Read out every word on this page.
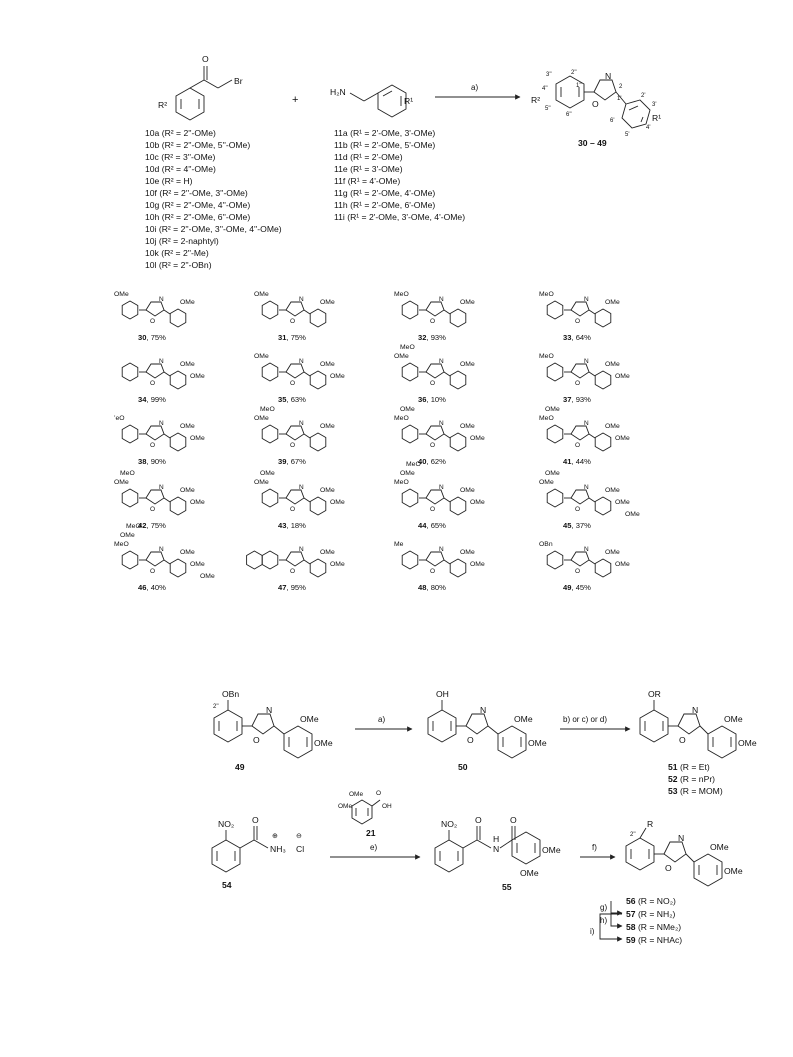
O
Br
R²
10a (R² = 2''-OMe)
10b (R² = 2''-OMe, 5''-OMe)
10c (R² = 3''-OMe)
10d (R² = 4''-OMe)
10e (R² = H)
10f (R² = 2''-OMe, 3''-OMe)
10g (R² = 2''-OMe, 4''-OMe)
10h (R² = 2''-OMe, 6''-OMe)
10i (R² = 2''-OMe, 3''-OMe, 4''-OMe)
10j (R² = 2-naphtyl)
10k (R² = 2''-Me)
10l (R² = 2''-OBn)
+
H₂N
R¹
11a (R¹ = 2'-OMe, 3'-OMe)
11b (R¹ = 2'-OMe, 5'-OMe)
11d (R¹ = 2'-OMe)
11e (R¹ = 3'-OMe)
11f (R¹ = 4'-OMe)
11g (R¹ = 2'-OMe, 4'-OMe)
11h (R¹ = 2'-OMe, 6'-OMe)
11i (R¹ = 2'-OMe, 3'-OMe, 4'-OMe)
a)
R²
N
O
R¹
2''
3''
4''
5''
6''
1''
1'	2'
3'
4'
5'
6'
2
30 – 49
N
O
OMe
OMe
30, 75%
N
O
OMe
OMe
31, 75%
N
O
MeO
OMe
32, 93%
N
O
MeO
OMe
33, 64%
N
O
OMe
OMe
34, 99%
N
O
OMe
OMe
OMe
35, 63%
N
O
OMe
MeO
OMe
36, 10%
N
O
MeO
OMe
OMe
37, 93%
N
O
ʼeO
OMe
OMe
38, 90%
N
O
OMe
MeO
OMe
39, 67%
N
O
MeO
OMe
OMe
OMe
40, 62%
N
O
MeO
OMe
OMe
OMe
41, 44%
N
O
OMe
MeO
OMe
OMe
42, 75%
N
O
OMe
OMe
OMe
OMe
43, 18%
N
O
MeO
OMe
MeO
OMe
OMe
44, 65%
N
O
OMe
OMe
OMe
OMe
OMe
45, 37%
N
O
MeO
OMe
MeO
OMe
OMe
OMe
46, 40%
N
O
OMe
OMe
47, 95%
N
O
Me
OMe
OMe
48, 80%
N
O
OBn
OMe
OMe
49, 45%
OBn
2''	N
O
OMe
OMe
49
a)
OH
N
O
OMe
OMe
50
b) or c) or d)
OR
N
O
OMe
OMe
51 (R = Et)
52 (R = nPr)
53 (R = MOM)
NO₂ O
NH₃
⊕	⊖
Cl
54
OMe
OMe
O
OH
21
e)
NO₂ O
N
H
O
OMe
OMe
55
f)
R
2''	N
O
OMe
OMe
56 (R = NO₂)
57 (R = NH₂)
58 (R = NMe₂)
59 (R = NHAc)
g)
h)
i)
